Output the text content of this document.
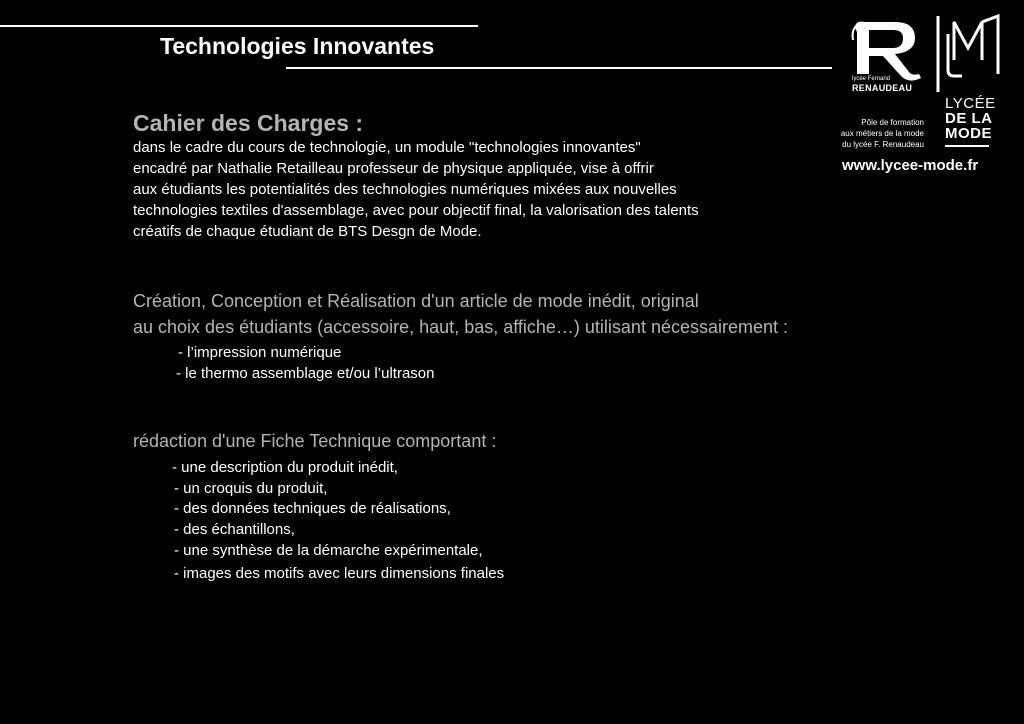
Technologies Innovantes
lycée Fernand
RENAUDEAU
LYCÉE
DE LA
MODE
Pôle de formation
aux métiers de la mode
du lycée F. Renaudeau
www.lycee-mode.fr
Cahier des Charges :
dans le cadre du cours de technologie, un module "technologies innovantes"
encadré par Nathalie Retailleau professeur de physique appliquée, vise à offrir
aux étudiants les potentialités des technologies numériques mixées aux nouvelles
technologies textiles d'assemblage, avec pour objectif final, la valorisation des talents
créatifs de chaque étudiant de BTS Desgn de Mode.
Création, Conception et Réalisation d'un article de mode inédit, original
au choix des étudiants (accessoire, haut, bas, affiche…) utilisant nécessairement :
- l’impression numérique
- le thermo assemblage et/ou l’ultrason
rédaction d'une Fiche Technique comportant :
- une description du produit inédit,
- un croquis du produit,
- des données techniques de réalisations,
- des échantillons,
- une synthèse de la démarche expérimentale,
- images des motifs avec leurs dimensions finales
